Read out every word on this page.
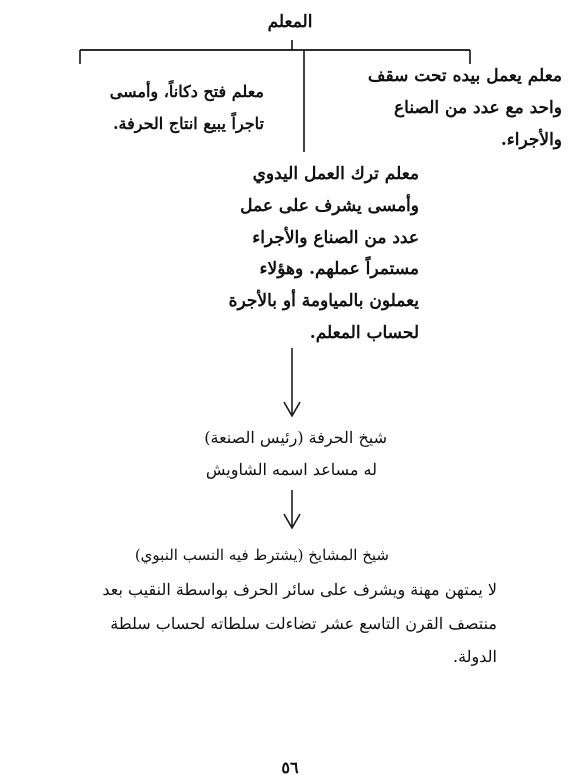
المعلم
معلم يعمل بيده تحت سقف
واحد مع عدد من الصناع
والأجراء.
معلم فتح دكاناً، وأمسى
تاجراً يبيع انتاج الحرفة.
معلم ترك العمل اليدوي
وأمسى يشرف على عمل
عدد من الصناع والأجراء
مستمراً عملهم. وهؤلاء
يعملون بالمياومة أو بالأجرة
لحساب المعلم.
شيخ الحرفة (رئيس الصنعة)
له مساعد اسمه الشاويش
شيخ المشايخ (يشترط فيه النسب النبوي)
لا يمتهن مهنة ويشرف على سائر الحرف بواسطة النقيب بعد
منتصف القرن التاسع عشر تضاءلت سلطاته لحساب سلطة
الدولة.
٥٦
